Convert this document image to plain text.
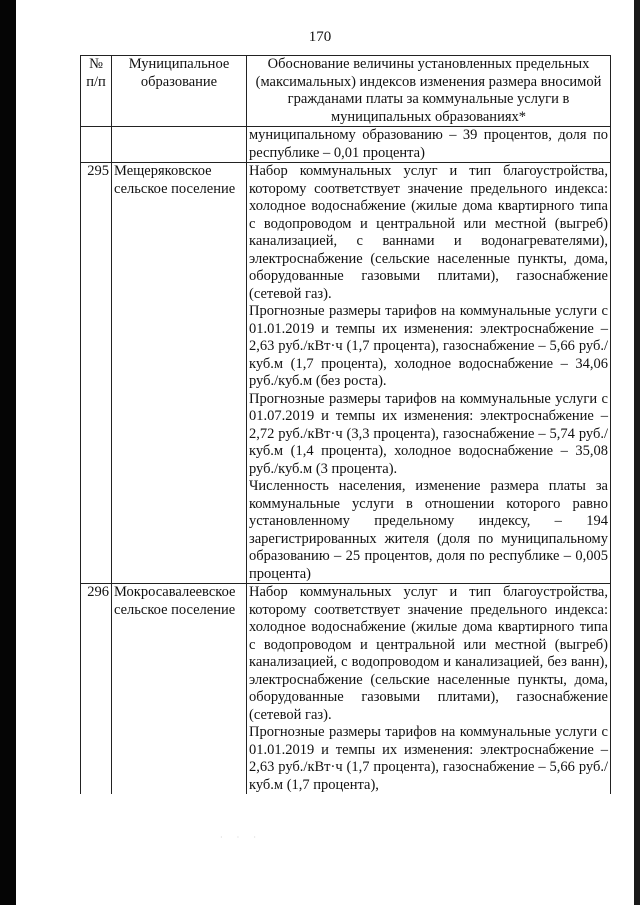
170
№ п/п	Муниципальное образование	Обоснование величины установленных предельных (максимальных) индексов изменения размера вносимой гражданами платы за коммунальные услуги в муниципальных образованиях*
		муниципальному образованию – 39 процентов, доля по республике – 0,01 процента)
295	Мещеряковское сельское поселение	Набор коммунальных услуг и тип благоустройства, которому соответствует значение предельного индекса: холодное водоснабжение (жилые дома квартирного типа с водопроводом и центральной или местной (выгреб) канализацией, с ваннами и водонагревателями), электроснабжение (сельские населенные пункты, дома, оборудованные газовыми плитами), газоснабжение (сетевой газ).

Прогнозные размеры тарифов на коммунальные услуги с 01.01.2019 и темпы их изменения: электроснабжение – 2,63 руб./кВт·ч (1,7 процента), газоснабжение – 5,66 руб./куб.м (1,7 процента), холодное водоснабжение – 34,06 руб./куб.м (без роста).

Прогнозные размеры тарифов на коммунальные услуги с 01.07.2019 и темпы их изменения: электроснабжение – 2,72 руб./кВт·ч (3,3 процента), газоснабжение – 5,74 руб./куб.м (1,4 процента), холодное водоснабжение – 35,08 руб./куб.м (3 процента).

Численность населения, изменение размера платы за коммунальные услуги в отношении которого равно установленному предельному индексу, – 194 зарегистрированных жителя (доля по муниципальному образованию – 25 процентов, доля по республике – 0,005 процента)

296	Мокросавалеевское сельское поселение	Набор коммунальных услуг и тип благоустройства, которому соответствует значение предельного индекса: холодное водоснабжение (жилые дома квартирного типа с водопроводом и центральной или местной (выгреб) канализацией, с водопроводом и канализацией, без ванн), электроснабжение (сельские населенные пункты, дома, оборудованные газовыми плитами), газоснабжение (сетевой газ).

Прогнозные размеры тарифов на коммунальные услуги с 01.01.2019 и темпы их изменения: электроснабжение – 2,63 руб./кВт·ч (1,7 процента), газоснабжение – 5,66 руб./куб.м (1,7 процента),

· · ·
